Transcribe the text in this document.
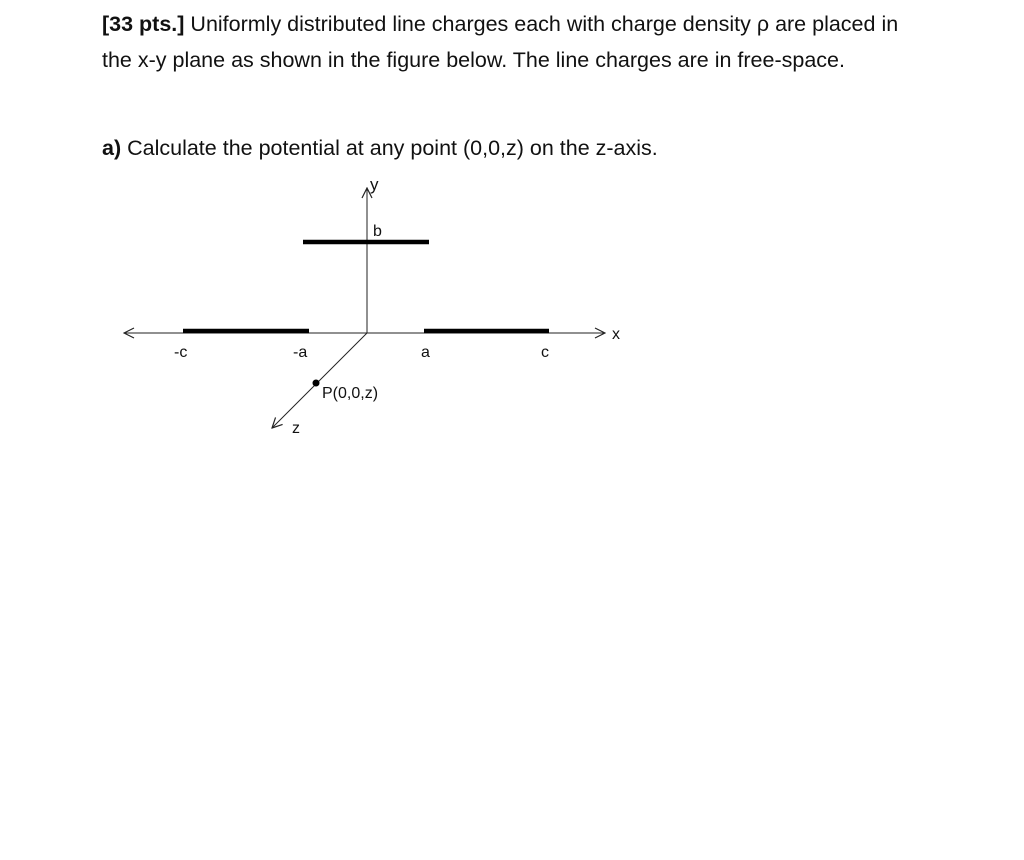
[33 pts.] Uniformly distributed line charges each with charge density ρ are placed in the x-y plane as shown in the figure below. The line charges are in free-space.

a) Calculate the potential at any point (0,0,z) on the z-axis.
x
y
z
-c	-a	a	c
b
P(0,0,z)
